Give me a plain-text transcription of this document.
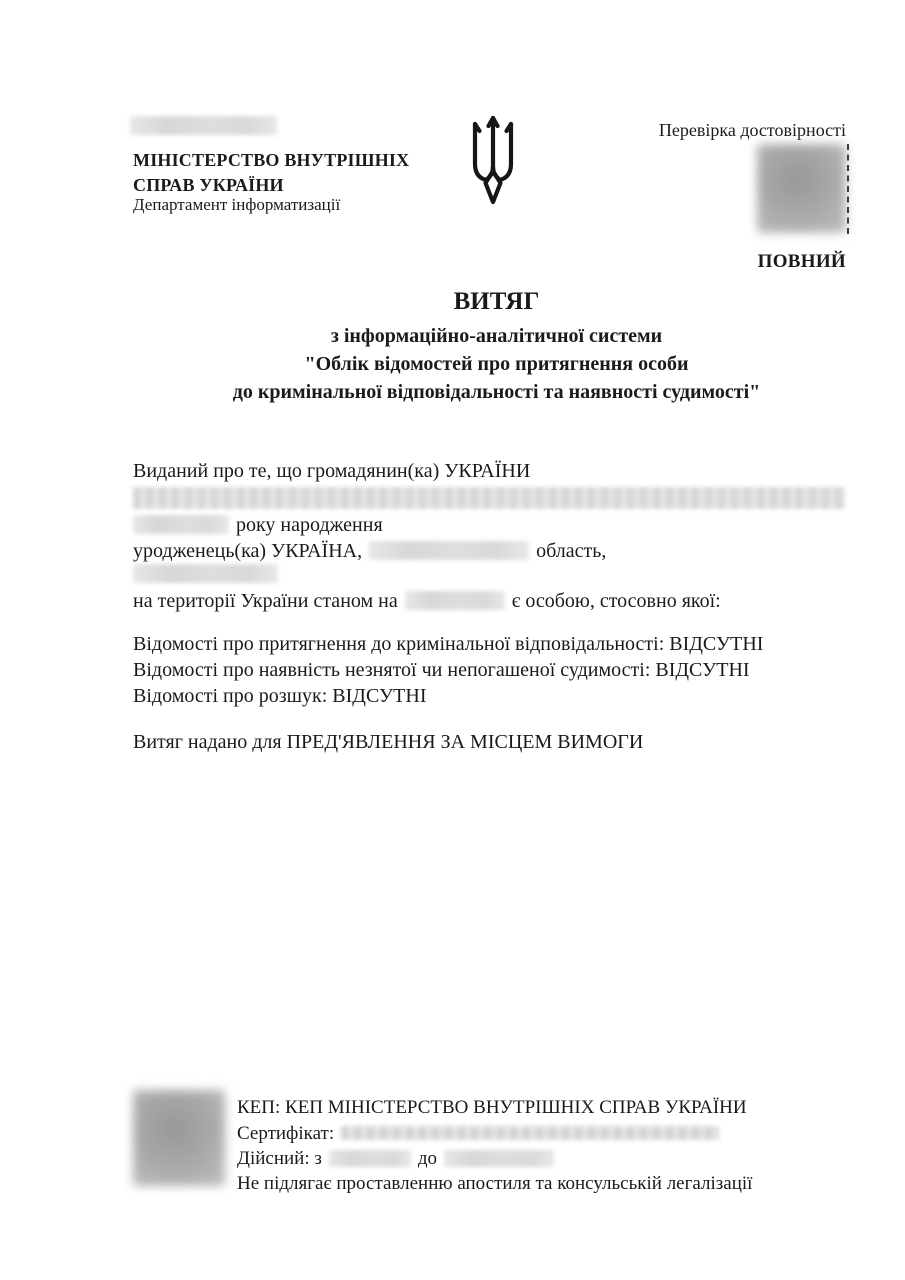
МІНІСТЕРСТВО ВНУТРІШНІХ
СПРАВ УКРАЇНИ
Департамент інформатизації
Перевірка достовірності
ПОВНИЙ
ВИТЯГ
з інформаційно-аналітичної системи
"Облік відомостей про притягнення особи
до кримінальної відповідальності та наявності судимості"
Виданий про те, що громадянин(ка) УКРАЇНИ
року народження
уродженець(ка) УКРАЇНА,	область,
на території України станом на	є особою, стосовно якої:
Відомості про притягнення до кримінальної відповідальності: ВІДСУТНІ
Відомості про наявність незнятої чи непогашеної судимості: ВІДСУТНІ
Відомості про розшук: ВІДСУТНІ
Витяг надано для ПРЕД'ЯВЛЕННЯ ЗА МІСЦЕМ ВИМОГИ
КЕП: КЕП МІНІСТЕРСТВО ВНУТРІШНІХ СПРАВ УКРАЇНИ
Сертифікат:
Дійсний: з	до
Не підлягає проставленню апостиля та консульській легалізації
